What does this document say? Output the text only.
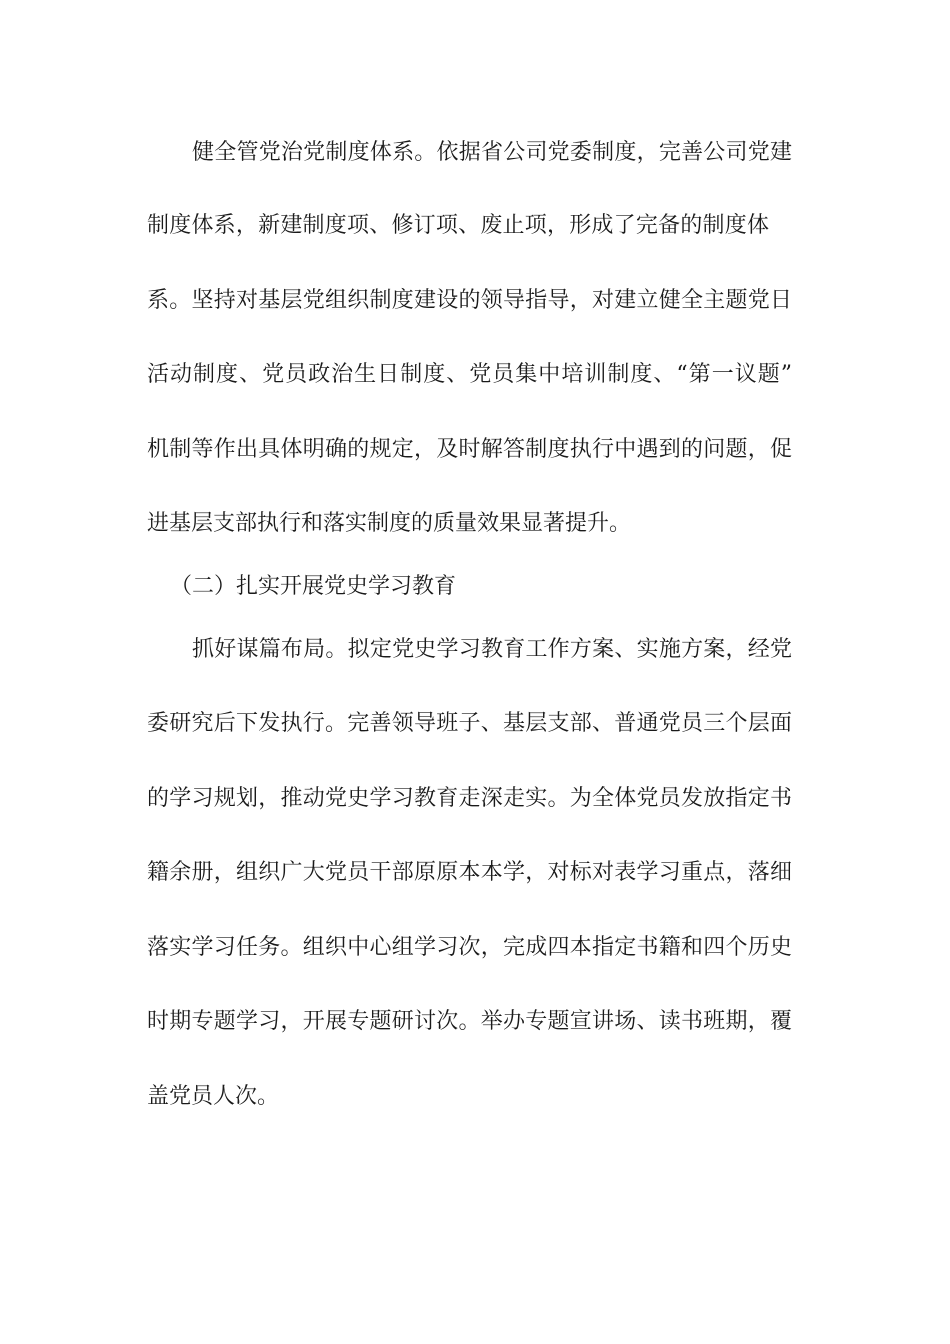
健全管党治党制度体系。依据省公司党委制度，完善公司党建
制度体系，新建制度项、修订项、废止项，形成了完备的制度体
系。坚持对基层党组织制度建设的领导指导，对建立健全主题党日
活动制度、党员政治生日制度、党员集中培训制度、“第一议题”
机制等作出具体明确的规定，及时解答制度执行中遇到的问题，促
进基层支部执行和落实制度的质量效果显著提升。
（二）扎实开展党史学习教育
抓好谋篇布局。拟定党史学习教育工作方案、实施方案，经党
委研究后下发执行。完善领导班子、基层支部、普通党员三个层面
的学习规划，推动党史学习教育走深走实。为全体党员发放指定书
籍余册，组织广大党员干部原原本本学，对标对表学习重点，落细
落实学习任务。组织中心组学习次，完成四本指定书籍和四个历史
时期专题学习，开展专题研讨次。举办专题宣讲场、读书班期，覆
盖党员人次。
